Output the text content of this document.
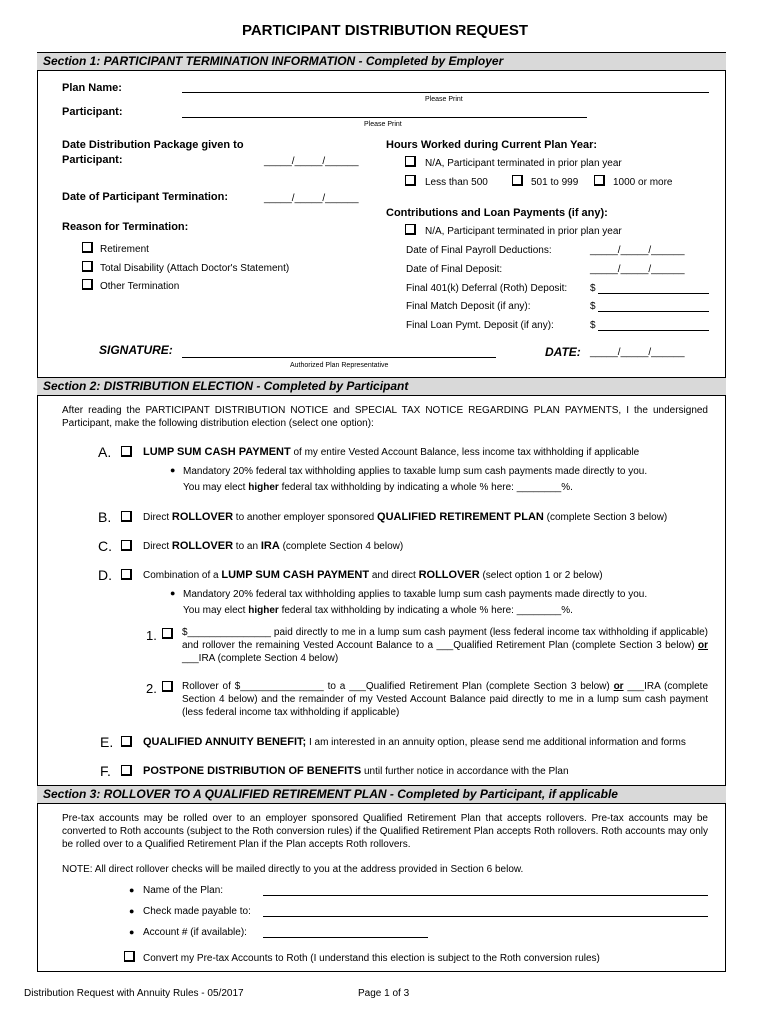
PARTICIPANT DISTRIBUTION REQUEST
Section 1: PARTICIPANT TERMINATION INFORMATION - Completed by Employer
Plan Name:
Please Print
Participant:
Please Print
Date Distribution Package given to
Participant:	_____/_____/______
Date of Participant Termination:	_____/_____/______
Reason for Termination:
Retirement
Total Disability (Attach Doctor's Statement)
Other Termination
Hours Worked during Current Plan Year:
N/A, Participant terminated in prior plan year
Less than 500	501 to 999	1000 or more
Contributions and Loan Payments (if any):
N/A, Participant terminated in prior plan year
Date of Final Payroll Deductions:	_____/_____/______
Date of Final Deposit:	_____/_____/______
Final 401(k) Deferral (Roth) Deposit: $
Final Match Deposit (if any):	$
Final Loan Pymt. Deposit (if any):	$
SIGNATURE:
Authorized Plan Representative
DATE: _____/_____/______
Section 2: DISTRIBUTION ELECTION - Completed by Participant
After reading the PARTICIPANT DISTRIBUTION NOTICE and SPECIAL TAX NOTICE REGARDING PLAN PAYMENTS, I the undersigned Participant, make the following distribution election (select one option):
A.	LUMP SUM CASH PAYMENT of my entire Vested Account Balance, less income tax withholding if applicable
● Mandatory 20% federal tax withholding applies to taxable lump sum cash payments made directly to you.
You may elect higher federal tax withholding by indicating a whole % here: ________%.
B.	Direct ROLLOVER to another employer sponsored QUALIFIED RETIREMENT PLAN (complete Section 3 below)
C.	Direct ROLLOVER to an IRA (complete Section 4 below)
D.	Combination of a LUMP SUM CASH PAYMENT and direct ROLLOVER (select option 1 or 2 below)
● Mandatory 20% federal tax withholding applies to taxable lump sum cash payments made directly to you.
You may elect higher federal tax withholding by indicating a whole % here: ________%.
1.	$_______________ paid directly to me in a lump sum cash payment (less federal income tax withholding if applicable) and rollover the remaining Vested Account Balance to a ___Qualified Retirement Plan (complete Section 3 below) or ___IRA (complete Section 4 below)
2.	Rollover of $_______________ to a ___Qualified Retirement Plan (complete Section 3 below) or ___IRA (complete Section 4 below) and the remainder of my Vested Account Balance paid directly to me in a lump sum cash payment (less federal income tax withholding if applicable)
E.	QUALIFIED ANNUITY BENEFIT; I am interested in an annuity option, please send me additional information and forms
F.	POSTPONE DISTRIBUTION OF BENEFITS until further notice in accordance with the Plan
Section 3: ROLLOVER TO A QUALIFIED RETIREMENT PLAN - Completed by Participant, if applicable
Pre-tax accounts may be rolled over to an employer sponsored Qualified Retirement Plan that accepts rollovers. Pre-tax accounts may be converted to Roth accounts (subject to the Roth conversion rules) if the Qualified Retirement Plan accepts Roth rollovers. Roth accounts may only be rolled over to a Qualified Retirement Plan if the Plan accepts Roth rollovers.
NOTE: All direct rollover checks will be mailed directly to you at the address provided in Section 6 below.
● Name of the Plan:
● Check made payable to:
● Account # (if available):
Convert my Pre-tax Accounts to Roth (I understand this election is subject to the Roth conversion rules)
Distribution Request with Annuity Rules - 05/2017	Page 1 of 3
